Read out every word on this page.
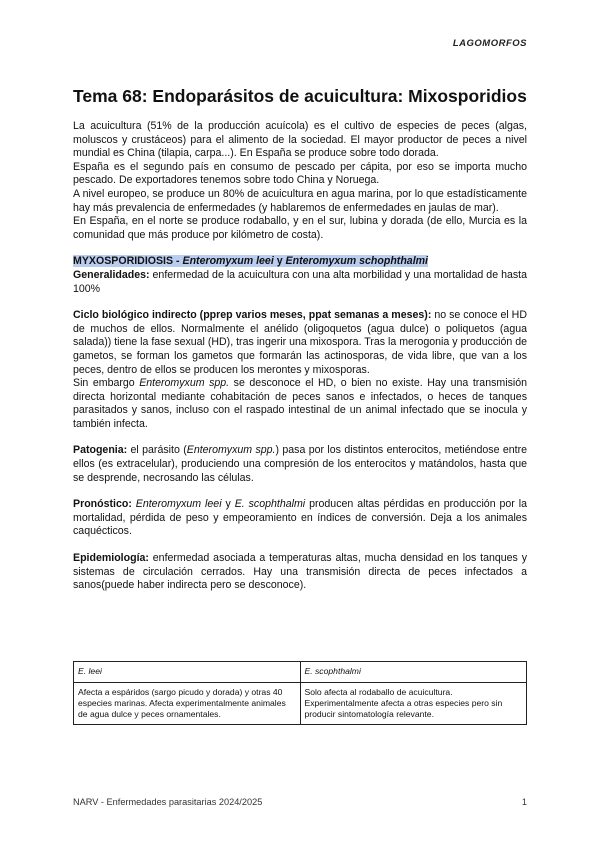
LAGOMORFOS
Tema 68: Endoparásitos de acuicultura: Mixosporidios

La acuicultura (51% de la producción acuícola) es el cultivo de especies de peces (algas, moluscos y crustáceos) para el alimento de la sociedad. El mayor productor de peces a nivel mundial es China (tilapia, carpa...). En España se produce sobre todo dorada.

España es el segundo país en consumo de pescado per cápita, por eso se importa mucho pescado. De exportadores tenemos sobre todo China y Noruega.

A nivel europeo, se produce un 80% de acuicultura en agua marina, por lo que estadísticamente hay más prevalencia de enfermedades (y hablaremos de enfermedades en jaulas de mar).

En España, en el norte se produce rodaballo, y en el sur, lubina y dorada (de ello, Murcia es la comunidad que más produce por kilómetro de costa).

MYXOSPORIDIOSIS - Enteromyxum leei y Enteromyxum schophthalmi

Generalidades: enfermedad de la acuicultura con una alta morbilidad y una mortalidad de hasta 100%

Ciclo biológico indirecto (pprep varios meses, ppat semanas a meses): no se conoce el HD de muchos de ellos. Normalmente el anélido (oligoquetos (agua dulce) o poliquetos (agua salada)) tiene la fase sexual (HD), tras ingerir una mixospora. Tras la merogonia y producción de gametos, se forman los gametos que formarán las actinosporas, de vida libre, que van a los peces, dentro de ellos se producen los merontes y mixosporas.

Sin embargo Enteromyxum spp. se desconoce el HD, o bien no existe. Hay una transmisión directa horizontal mediante cohabitación de peces sanos e infectados, o heces de tanques parasitados y sanos, incluso con el raspado intestinal de un animal infectado que se inocula y también infecta.

Patogenia: el parásito (Enteromyxum spp.) pasa por los distintos enterocitos, metiéndose entre ellos (es extracelular), produciendo una compresión de los enterocitos y matándolos, hasta que se desprende, necrosando las células.

Pronóstico: Enteromyxum leei y E. scophthalmi producen altas pérdidas en producción por la mortalidad, pérdida de peso y empeoramiento en índices de conversión. Deja a los animales caquécticos.

Epidemiología: enfermedad asociada a temperaturas altas, mucha densidad en los tanques y sistemas de circulación cerrados. Hay una transmisión directa de peces infectados a sanos(puede haber indirecta pero se desconoce).

E. leei	E. scophthalmi
Afecta a espáridos (sargo picudo y dorada) y otras 40 especies marinas. Afecta experimentalmente animales de agua dulce y peces ornamentales.	Solo afecta al rodaballo de acuicultura. Experimentalmente afecta a otras especies pero sin producir sintomatología relevante.
NARV - Enfermedades parasitarias 2024/2025	1
